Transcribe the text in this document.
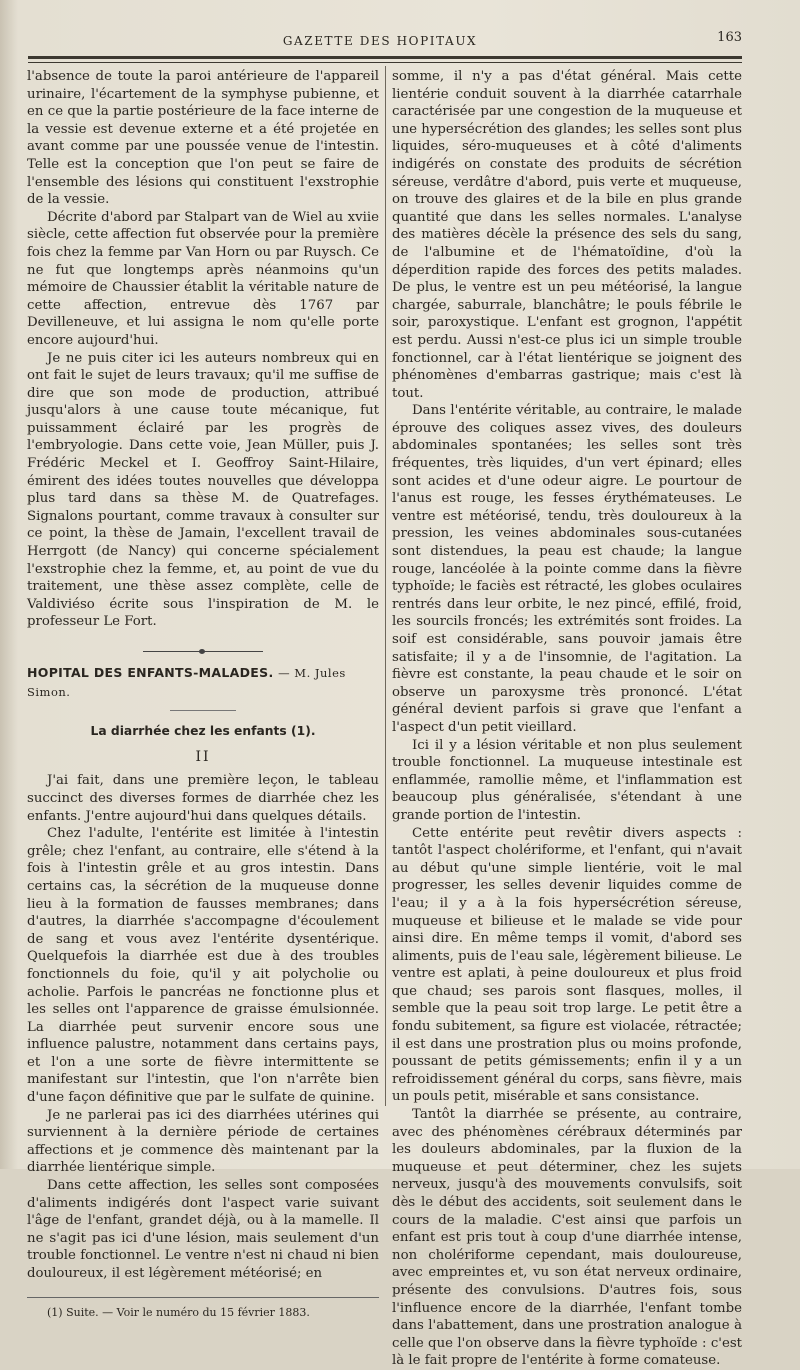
GAZETTE DES HOPITAUX	163

l'absence de toute la paroi antérieure de l'appareil urinaire, l'écartement de la symphyse pubienne, et en ce que la partie postérieure de la face interne de la vessie est devenue externe et a été projetée en avant comme par une poussée venue de l'intestin. Telle est la conception que l'on peut se faire de l'ensemble des lésions qui constituent l'exstrophie de la vessie.

Décrite d'abord par Stalpart van de Wiel au xviie siècle, cette affection fut observée pour la première fois chez la femme par Van Horn ou par Ruysch. Ce ne fut que longtemps après néanmoins qu'un mémoire de Chaussier établit la véritable nature de cette affection, entrevue dès 1767 par Devilleneuve, et lui assigna le nom qu'elle porte encore aujourd'hui.

Je ne puis citer ici les auteurs nombreux qui en ont fait le sujet de leurs travaux; qu'il me suffise de dire que son mode de production, attribué jusqu'alors à une cause toute mécanique, fut puissamment éclairé par les progrès de l'embryologie. Dans cette voie, Jean Müller, puis J. Frédéric Meckel et I. Geoffroy Saint-Hilaire, émirent des idées toutes nouvelles que développa plus tard dans sa thèse M. de Quatrefages. Signalons pourtant, comme travaux à consulter sur ce point, la thèse de Jamain, l'excellent travail de Herrgott (de Nancy) qui concerne spécialement l'exstrophie chez la femme, et, au point de vue du traitement, une thèse assez complète, celle de Valdiviéso écrite sous l'inspiration de M. le professeur Le Fort.

HOPITAL DES ENFANTS-MALADES. — M. Jules Simon.
La diarrhée chez les enfants (1).
II

J'ai fait, dans une première leçon, le tableau succinct des diverses formes de diarrhée chez les enfants. J'entre aujourd'hui dans quelques détails.

Chez l'adulte, l'entérite est limitée à l'intestin grêle; chez l'enfant, au contraire, elle s'étend à la fois à l'intestin grêle et au gros intestin. Dans certains cas, la sécrétion de la muqueuse donne lieu à la formation de fausses membranes; dans d'autres, la diarrhée s'accompagne d'écoulement de sang et vous avez l'entérite dysentérique. Quelquefois la diarrhée est due à des troubles fonctionnels du foie, qu'il y ait polycholie ou acholie. Parfois le pancréas ne fonctionne plus et les selles ont l'apparence de graisse émulsionnée. La diarrhée peut survenir encore sous une influence palustre, notamment dans certains pays, et l'on a une sorte de fièvre intermittente se manifestant sur l'intestin, que l'on n'arrête bien d'une façon définitive que par le sulfate de quinine.

Je ne parlerai pas ici des diarrhées utérines qui surviennent à la dernière période de certaines affections et je commence dès maintenant par la diarrhée lientérique simple.

Dans cette affection, les selles sont composées d'aliments indigérés dont l'aspect varie suivant l'âge de l'enfant, grandet déjà, ou à la mamelle. Il ne s'agit pas ici d'une lésion, mais seulement d'un trouble fonctionnel. Le ventre n'est ni chaud ni bien douloureux, il est légèrement météorisé; en

(1) Suite. — Voir le numéro du 15 février 1883.

somme, il n'y a pas d'état général. Mais cette lientérie conduit souvent à la diarrhée catarrhale caractérisée par une congestion de la muqueuse et une hypersécrétion des glandes; les selles sont plus liquides, séro-muqueuses et à côté d'aliments indigérés on constate des produits de sécrétion séreuse, verdâtre d'abord, puis verte et muqueuse, on trouve des glaires et de la bile en plus grande quantité que dans les selles normales. L'analyse des matières décèle la présence des sels du sang, de l'albumine et de l'hématoïdine, d'où la déperdition rapide des forces des petits malades. De plus, le ventre est un peu météorisé, la langue chargée, saburrale, blanchâtre; le pouls fébrile le soir, paroxystique. L'enfant est grognon, l'appétit est perdu. Aussi n'est-ce plus ici un simple trouble fonctionnel, car à l'état lientérique se joignent des phénomènes d'embarras gastrique; mais c'est là tout.

Dans l'entérite véritable, au contraire, le malade éprouve des coliques assez vives, des douleurs abdominales spontanées; les selles sont très fréquentes, très liquides, d'un vert épinard; elles sont acides et d'une odeur aigre. Le pourtour de l'anus est rouge, les fesses érythémateuses. Le ventre est météorisé, tendu, très douloureux à la pression, les veines abdominales sous-cutanées sont distendues, la peau est chaude; la langue rouge, lancéolée à la pointe comme dans la fièvre typhoïde; le faciès est rétracté, les globes oculaires rentrés dans leur orbite, le nez pincé, effilé, froid, les sourcils froncés; les extrémités sont froides. La soif est considérable, sans pouvoir jamais être satisfaite; il y a de l'insomnie, de l'agitation. La fièvre est constante, la peau chaude et le soir on observe un paroxysme très prononcé. L'état général devient parfois si grave que l'enfant a l'aspect d'un petit vieillard.

Ici il y a lésion véritable et non plus seulement trouble fonctionnel. La muqueuse intestinale est enflammée, ramollie même, et l'inflammation est beaucoup plus généralisée, s'étendant à une grande portion de l'intestin.

Cette entérite peut revêtir divers aspects : tantôt l'aspect cholériforme, et l'enfant, qui n'avait au début qu'une simple lientérie, voit le mal progresser, les selles devenir liquides comme de l'eau; il y a à la fois hypersécrétion séreuse, muqueuse et bilieuse et le malade se vide pour ainsi dire. En même temps il vomit, d'abord ses aliments, puis de l'eau sale, légèrement bilieuse. Le ventre est aplati, à peine douloureux et plus froid que chaud; ses parois sont flasques, molles, il semble que la peau soit trop large. Le petit être a fondu subitement, sa figure est violacée, rétractée; il est dans une prostration plus ou moins profonde, poussant de petits gémissements; enfin il y a un refroidissement général du corps, sans fièvre, mais un pouls petit, misérable et sans consistance.

Tantôt la diarrhée se présente, au contraire, avec des phénomènes cérébraux déterminés par les douleurs abdominales, par la fluxion de la muqueuse et peut déterminer, chez les sujets nerveux, jusqu'à des mouvements convulsifs, soit dès le début des accidents, soit seulement dans le cours de la maladie. C'est ainsi que parfois un enfant est pris tout à coup d'une diarrhée intense, non cholériforme cependant, mais douloureuse, avec empreintes et, vu son état nerveux ordinaire, présente des convulsions. D'autres fois, sous l'influence encore de la diarrhée, l'enfant tombe dans l'abattement, dans une prostration analogue à celle que l'on observe dans la fièvre typhoïde : c'est là le fait propre de l'entérite à forme comateuse.
